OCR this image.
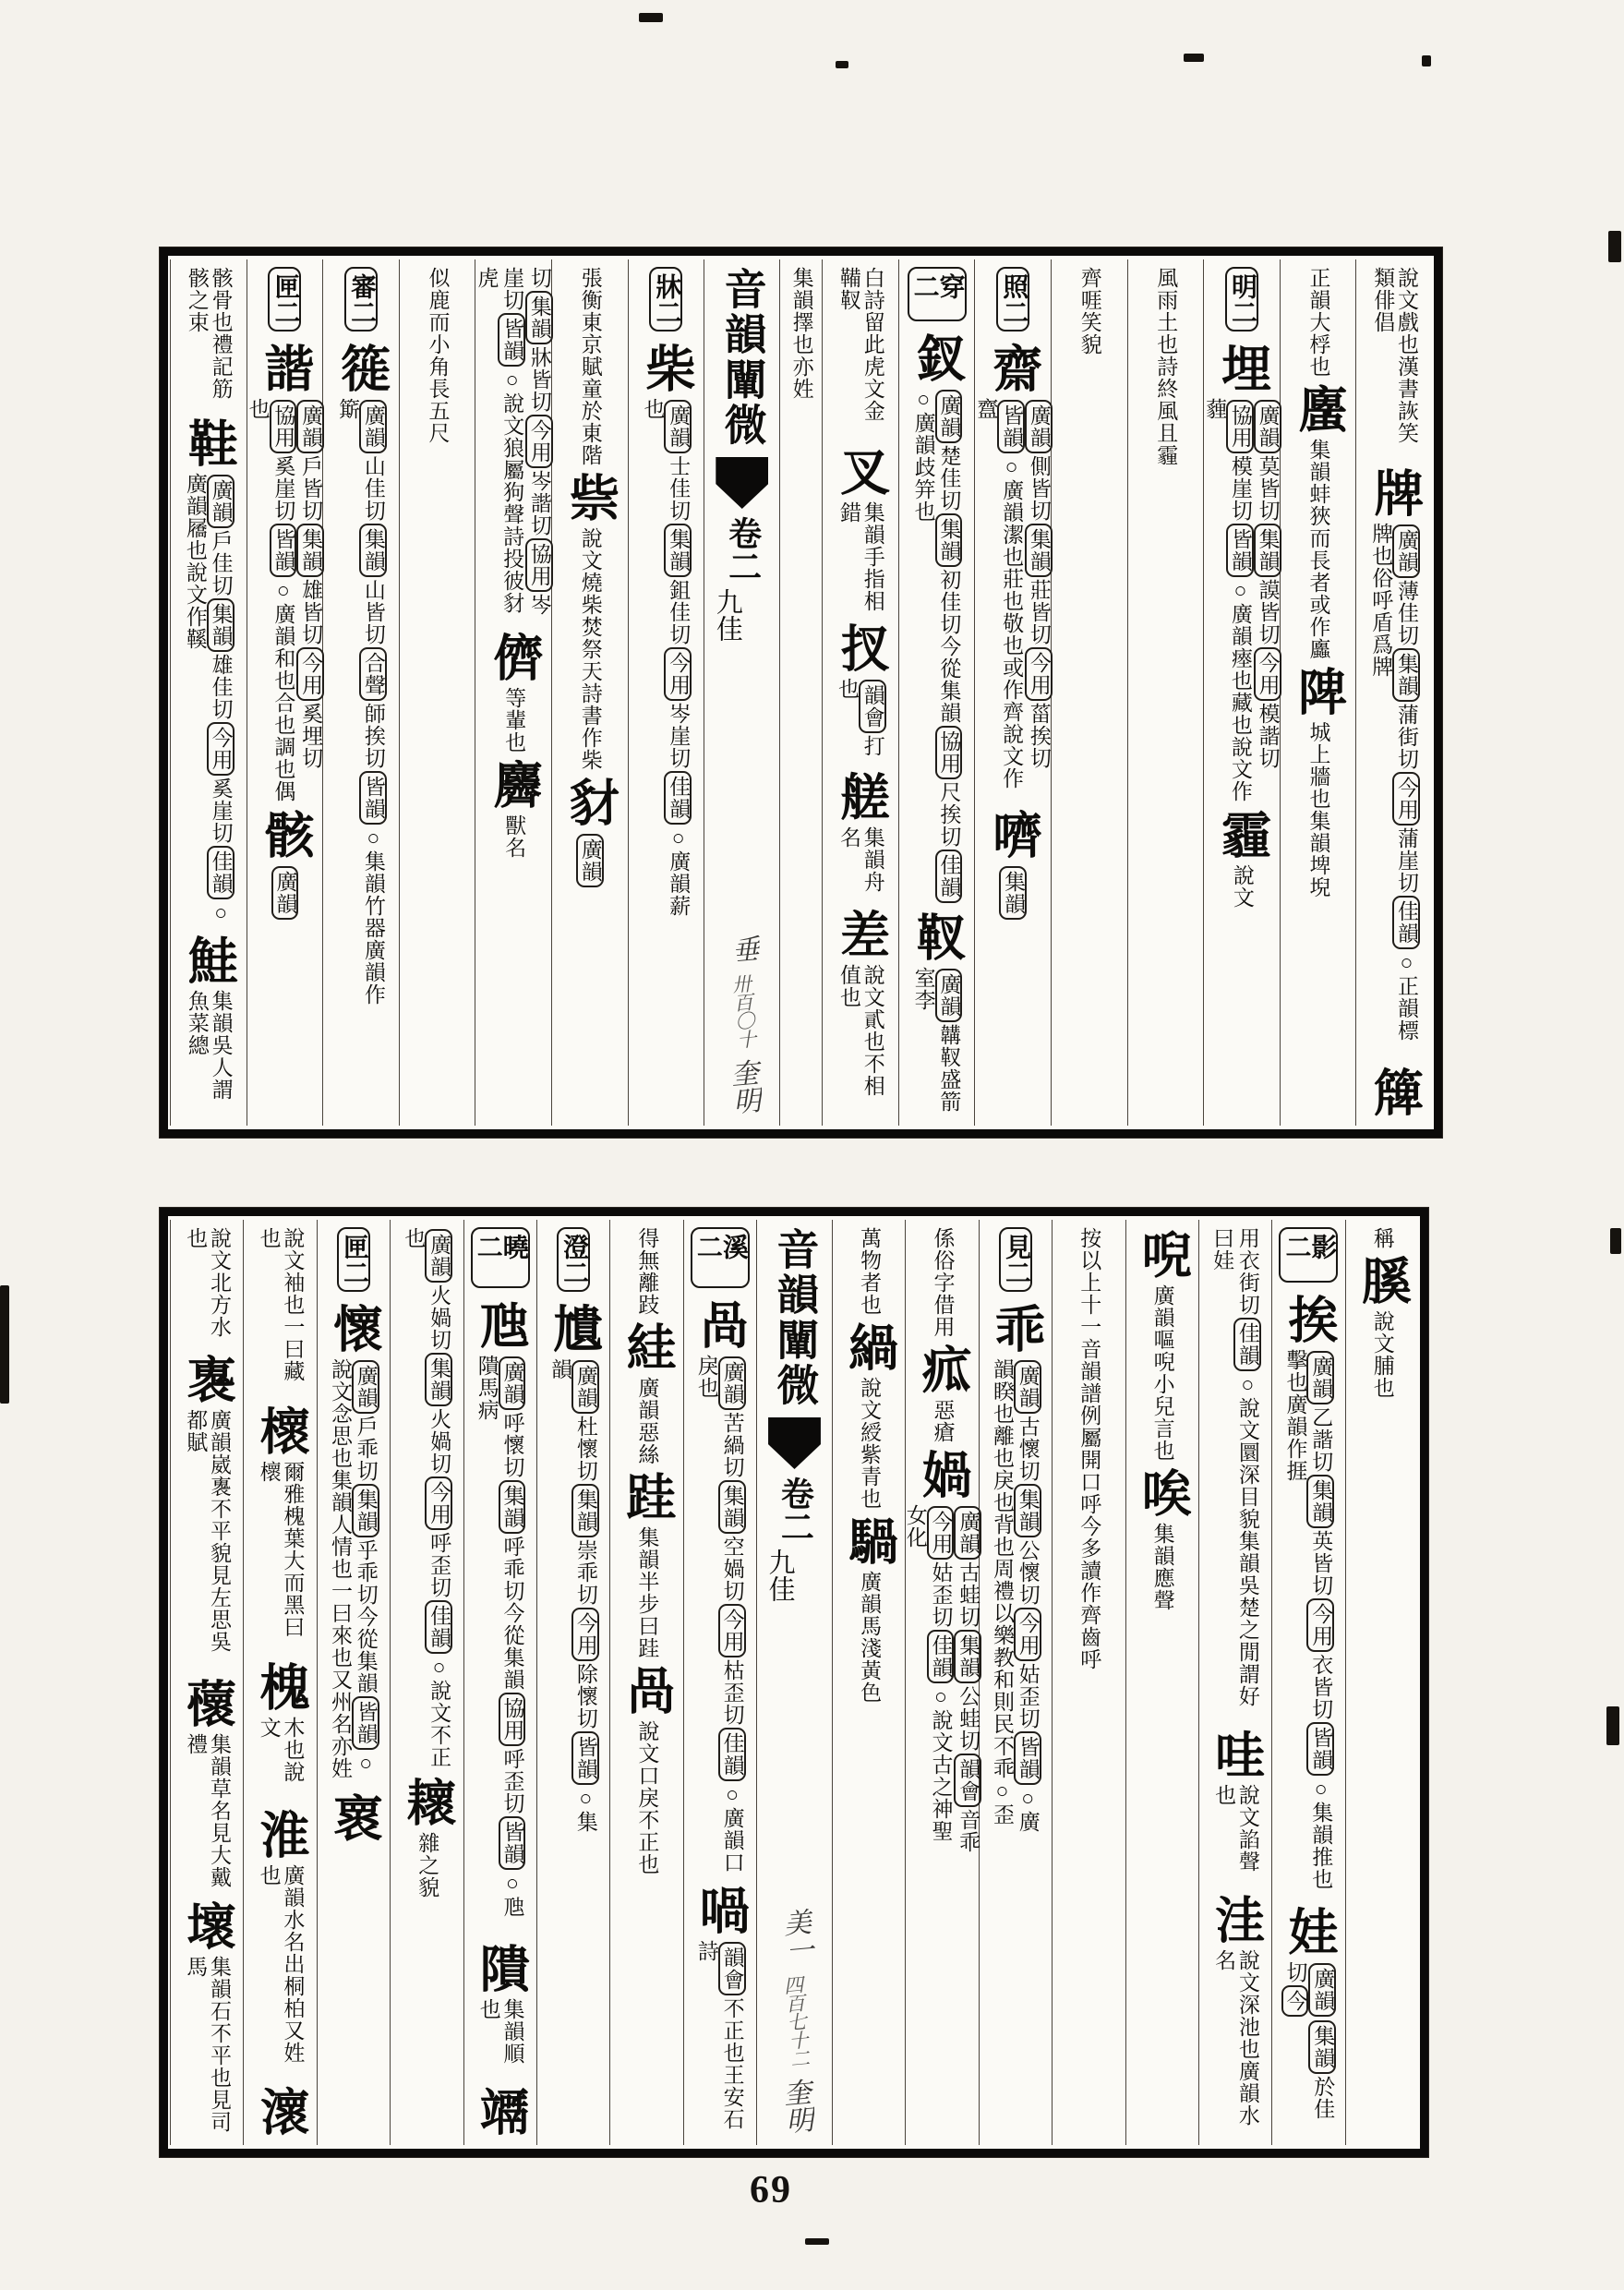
說文戲也漢書詼笑類俳倡
牌
廣韻薄佳切集韻蒲街切今用蒲崖切佳韻○正韻標牌也俗呼盾爲牌
簰
正韻大桴也
螷
集韻蚌狹而長者或作蠯
陴
城上牆也集韻埤堄
明二
埋
廣韻莫皆切集韻謨皆切今用模諧切協用模崖切皆韻○廣韻瘞也藏也說文作薶
霾
說文
風雨土也詩終風且霾
齊啀笑貌
照二
齋
廣韻側皆切集韻莊皆切今用菑挨切皆韻○廣韻潔也莊也敬也或作齊說文作齍
嚌
集韻
穿二
釵
廣韻楚佳切集韻初佳切今從集韻協用尺挨切佳韻○廣韻歧笄也
靫
廣韻韝靫盛箭室李
白詩留此虎文金鞴靫
叉
集韻手指相錯
扠
韻會打也
艖
集韻舟名
差
說文貳也不相值也
集韻擇也亦姓
音韻闡微
卷二
九佳
垂
卅百〇十
奎明
牀二
柴
廣韻士佳切集韻鉏佳切今用岑崖切佳韻○廣韻薪也
張衡東京賦童於東階
祡
說文燒柴焚祭天詩書作柴
豺
廣韻
切集韻牀皆切今用岑諧切協用岑崖切皆韻○說文狼屬狗聲詩投彼豺虎
儕
等輩也
麡
獸名
似鹿而小角長五尺
審二
簁
廣韻山佳切集韻山皆切合聲師挨切皆韻○集韻竹器廣韻作簛
匣二
諧
廣韻戶皆切集韻雄皆切今用奚埋切協用奚崖切皆韻○廣韻和也合也調也偶也
骸
廣韻
骸骨也禮記筋骸之束
鞋
廣韻戶佳切集韻雄佳切今用奚崖切佳韻○廣韻屩也說文作鞵
鮭
集韻吳人謂魚菜總
稱
膎
說文脯也
影二
挨
廣韻乙諧切集韻英皆切今用衣皆切皆韻○集韻推也擊也廣韻作捱
娃
廣韻集韻於佳切今
用衣街切佳韻○說文圜深目貌集韻吳楚之閒謂好曰娃
哇
說文諂聲也
洼
說文深池也廣韻水名
唲
廣韻嘔唲小兒言也
唉
集韻應聲
按以上十一音韻譜例屬開口呼今多讀作齊齒呼
見二
乖
廣韻古懷切集韻公懷切今用姑歪切皆韻○廣韻睽也離也戾也背也周禮以樂教和則民不乖○歪
係俗字借用
㽿
惡瘡
媧
廣韻古蛙切集韻公蛙切韻會音乖今用姑歪切佳韻○說文古之神聖女化
萬物者也
緺
說文綬紫青也
騧
廣韻馬淺黃色
音韻闡微
卷二
九佳
美一
四百七十二
奎明
溪二
咼
廣韻苦緺切集韻空媧切今用枯歪切佳韻○廣韻口戾也
喎
韻會不正也王安石詩
得無離跂
絓
廣韻惡絲
跬
集韻半步曰跬
咼
說文口戾不正也
澄二
尵
廣韻杜懷切集韻崇乖切今用除懷切皆韻○集韻
曉二
虺
廣韻呼懷切集韻呼乖切今從集韻協用呼歪切皆韻○虺隤馬病
隤
集韻順也
竵
廣韻火媧切集韻火媧切今用呼歪切佳韻○說文不正也
耲
雜之貌
匣二
懷
廣韻戶乖切集韻乎乖切今從集韻皆韻○說文念思也集韻人情也一曰來也又州名亦姓
褱
說文袖也一曰藏也
櫰
爾雅槐葉大而黑曰櫰
槐
木也說文
淮
廣韻水名出桐柏又姓也
瀤
說文北方水也
褢
廣韻崴褢不平貌見左思吳都賦
蘹
集韻草名見大戴禮
壞
集韻石不平也見司馬
69
